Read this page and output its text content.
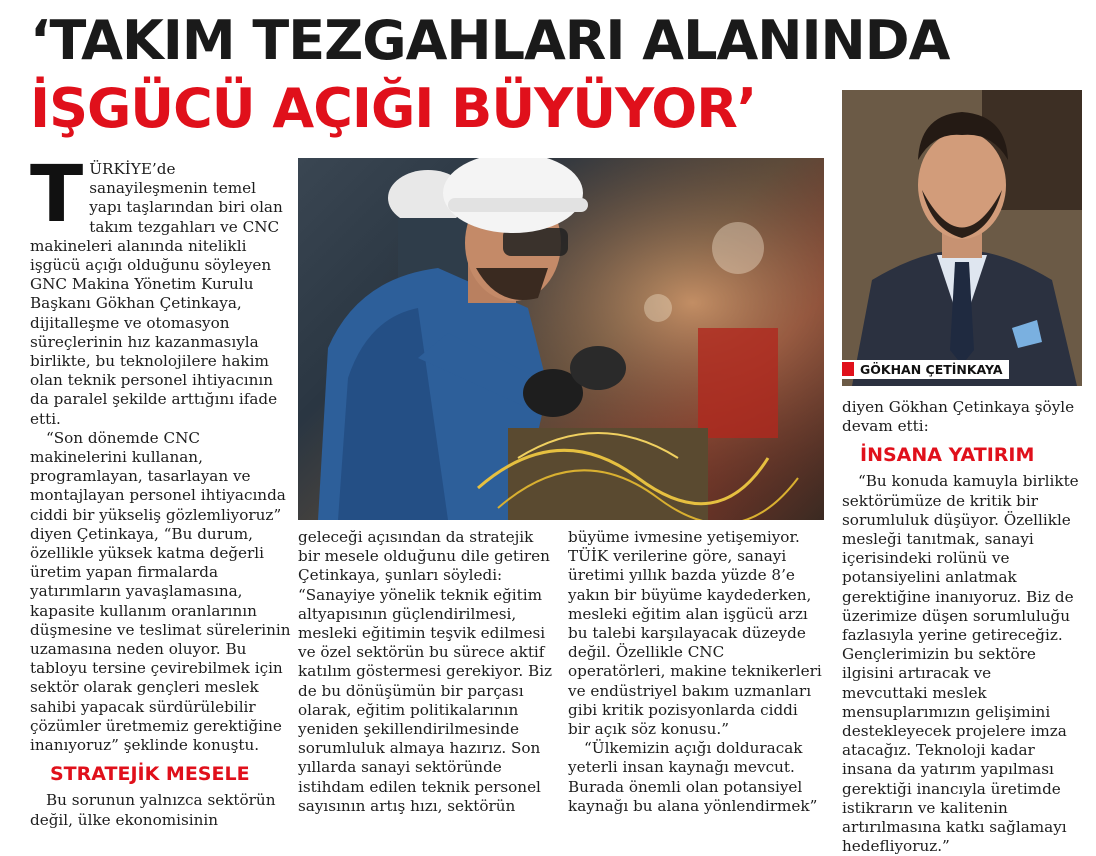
‘TAKIM TEZGAHLARI ALANINDA
İŞGÜCÜ AÇIĞI BÜYÜYOR’
GÖKHAN ÇETİNKAYA
T ÜRKİYE’de sanayileşmenin temel yapı taşlarından biri olan takım tezgahları ve CNC makineleri alanında nitelikli işgücü açığı olduğunu söyleyen GNC Makina Yönetim Kurulu Başkanı Gökhan Çetinkaya, dijitalleşme ve otomasyon süreçlerinin hız kazanmasıyla birlikte, bu teknolojilere hakim olan teknik personel ihtiyacının da paralel şekilde arttığını ifade etti.

“Son dönemde CNC makinelerini kullanan, programlayan, tasarlayan ve montajlayan personel ihtiyacında ciddi bir yükseliş gözlemliyoruz” diyen Çetinkaya, “Bu durum, özellikle yüksek katma değerli üretim yapan firmalarda yatırımların yavaşlamasına, kapasite kullanım oranlarının düşmesine ve teslimat sürelerinin uzamasına neden oluyor. Bu tabloyu tersine çevirebilmek için sektör olarak gençleri meslek sahibi yapacak sürdürülebilir çözümler üretmemiz gerektiğine inanıyoruz” şeklinde konuştu.

STRATEJİK MESELE

Bu sorunun yalnızca sektörün değil, ülke ekonomisinin

geleceği açısından da stratejik bir mesele olduğunu dile getiren Çetinkaya, şunları söyledi:

“Sanayiye yönelik teknik eğitim altyapısının güçlendirilmesi, mesleki eğitimin teşvik edilmesi ve özel sektörün bu sürece aktif katılım göstermesi gerekiyor. Biz de bu dönüşümün bir parçası olarak, eğitim politikalarının yeniden şekillendirilmesinde sorumluluk almaya hazırız. Son yıllarda sanayi sektöründe istihdam edilen teknik personel sayısının artış hızı, sektörün

büyüme ivmesine yetişemiyor. TÜİK verilerine göre, sanayi üretimi yıllık bazda yüzde 8’e yakın bir büyüme kaydederken, mesleki eğitim alan işgücü arzı bu talebi karşılayacak düzeyde değil. Özellikle CNC operatörleri, makine teknikerleri ve endüstriyel bakım uzmanları gibi kritik pozisyonlarda ciddi bir açık söz konusu.”

“Ülkemizin açığı dolduracak yeterli insan kaynağı mevcut. Burada önemli olan potansiyel kaynağı bu alana yönlendirmek”

diyen Gökhan Çetinkaya şöyle devam etti:

İNSANA YATIRIM

“Bu konuda kamuyla birlikte sektörümüze de kritik bir sorumluluk düşüyor. Özellikle mesleği tanıtmak, sanayi içerisindeki rolünü ve potansiyelini anlatmak gerektiğine inanıyoruz. Biz de üzerimize düşen sorumluluğu fazlasıyla yerine getireceğiz. Gençlerimizin bu sektöre ilgisini artıracak ve mevcuttaki meslek mensuplarımızın gelişimini destekleyecek projelere imza atacağız. Teknoloji kadar insana da yatırım yapılması gerektiği inancıyla üretimde istikrarın ve kalitenin artırılmasına katkı sağlamayı hedefliyoruz.”
